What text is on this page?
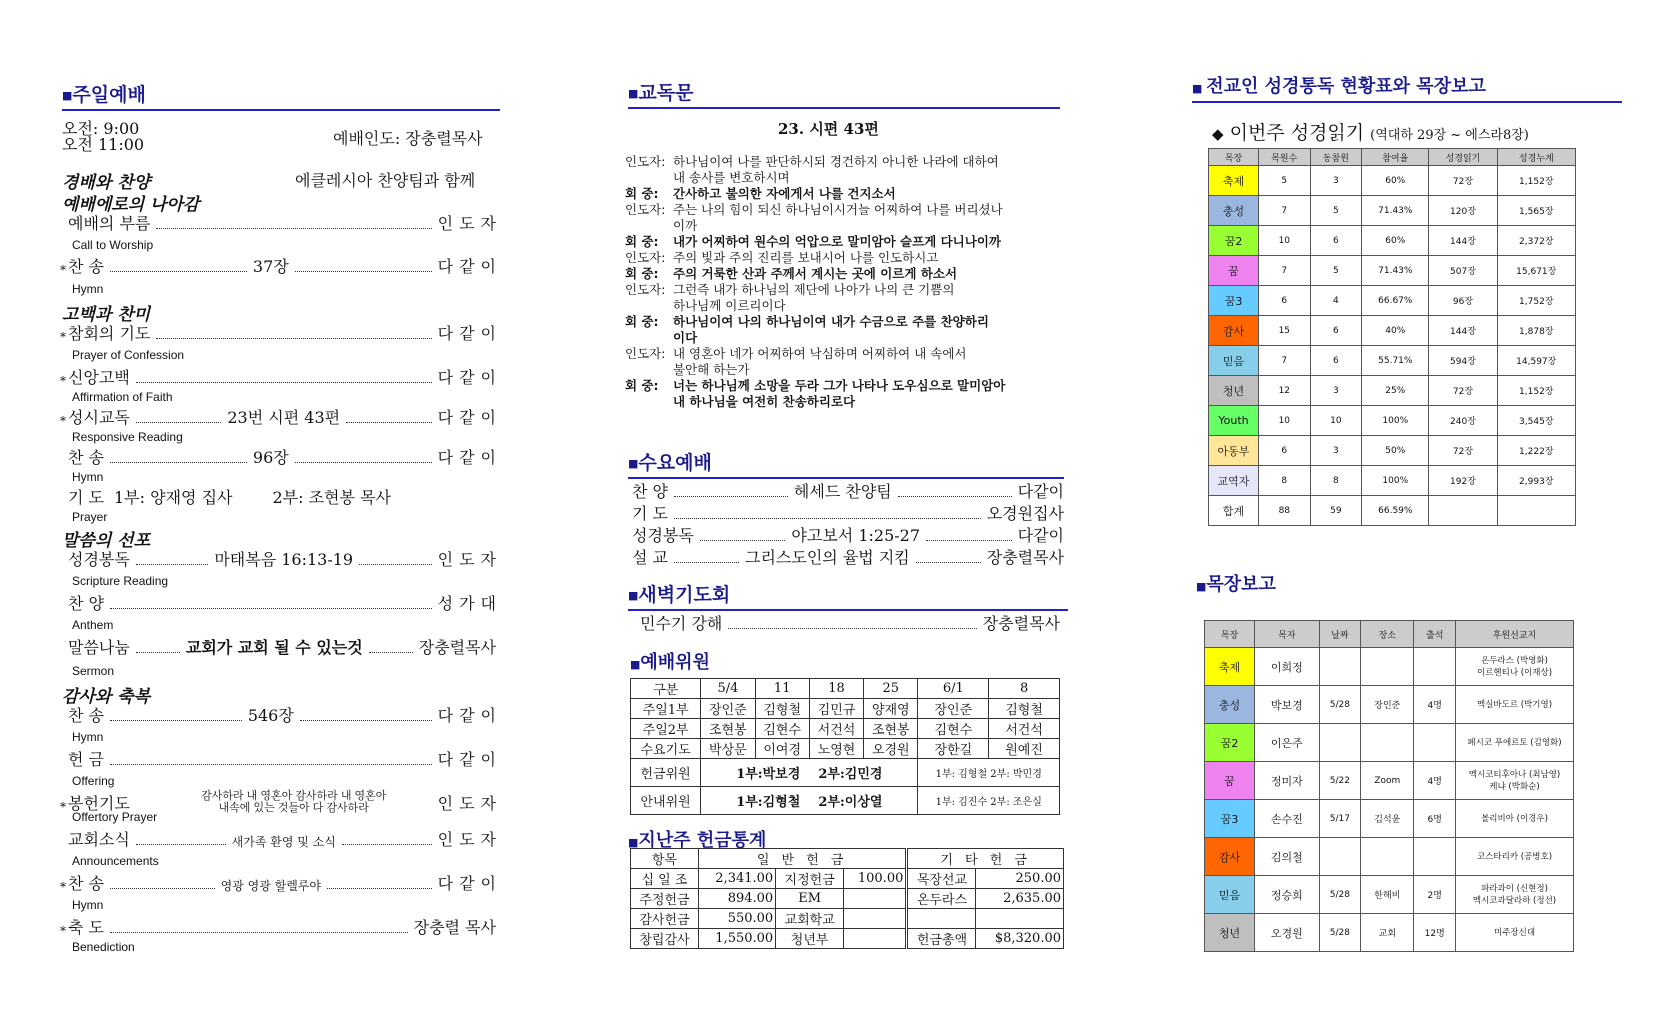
■주일예배
오전: 9:00
오전 11:00	예배인도: 장충렬목사
경배와 찬양	에클레시아 찬양팀과 함께
예배에로의 나아감
예배의 부름	인도자
Call to Worship
* 찬 송	37장	다같이
Hymn
고백과 찬미
* 참회의 기도	다같이
Prayer of Confession
* 신앙고백	다같이
Affirmation of Faith
* 성시교독	23번 시편 43편	다같이
Responsive Reading
찬 송	96장	다같이
Hymn
기 도 1부: 양재영 집사	2부: 조현봉 목사
Prayer
말씀의 선포
성경봉독	마태복음 16:13-19	인도자
Scripture Reading
찬 양	성가대
Anthem
말씀나눔	교회가 교회 될 수 있는것	장충렬목사
Sermon
감사와 축복
찬 송	546장	다같이
Hymn
헌 금	다같이
Offering
* 봉헌기도	감사하라 내 영혼아 감사하라 내 영혼아
내속에 있는 것들아 다 감사하라	인도자
Offertory Prayer
교회소식	새가족 환영 및 소식	인도자
Announcements
* 찬 송	영광 영광 할렐루야	다같이
Hymn
* 축 도	장충렬 목사
Benediction
■교독문
23. 시편 43편
인도자: 하나님이여 나를 판단하시되 경건하지 아니한 나라에 대하여
내 송사를 변호하시며
회 중: 간사하고 불의한 자에게서 나를 건지소서
인도자: 주는 나의 힘이 되신 하나님이시거늘 어찌하여 나를 버리셨나
이까
회 중: 내가 어찌하여 원수의 억압으로 말미암아 슬프게 다니나이까
인도자: 주의 빛과 주의 진리를 보내시어 나를 인도하시고
회 중: 주의 거룩한 산과 주께서 계시는 곳에 이르게 하소서
인도자: 그런즉 내가 하나님의 제단에 나아가 나의 큰 기쁨의
하나님께 이르리이다
회 중: 하나님이여 나의 하나님이여 내가 수금으로 주를 찬양하리
이다
인도자: 내 영혼아 네가 어찌하여 낙심하며 어찌하여 내 속에서
불안해 하는가
회 중: 너는 하나님께 소망을 두라 그가 나타나 도우심으로 말미암아
내 하나님을 여전히 찬송하리로다
■수요예배
찬 양	헤세드 찬양팀	다같이
기 도	오경원집사
성경봉독	야고보서 1:25-27	다같이
설 교	그리스도인의 율법 지킴	장충렬목사
■새벽기도회
민수기 강해	장충렬목사
■예배위원
구분	5/4	11	18	25	6/1	8
주일1부	장인준	김형철	김민규	양재영	장인준	김형철
주일2부	조현봉	김현수	서건석	조현봉	김현수	서건석
수요기도	박상문	이여경	노영현	오경원	장한길	원예진
헌금위원	1부:박보경 2부:김민경				1부: 김형철 2부: 박민경	
안내위원	1부:김형철 2부:이상열				1부: 김진수 2부: 조은실	
■지난주 헌금통계
항목	일 반 헌 금			기 타 헌 금	
십 일 조	2,341.00	지정헌금	100.00	목장선교	250.00
주정헌금	894.00	EM		온두라스	2,635.00
감사헌금	550.00	교회학교			
창립감사	1,550.00	청년부		헌금총액	$8,320.00
■ 전교인 성경통독 현황표와 목장보고
◆ 이번주 성경읽기 (역대하 29장 ~ 에스라8장)
목장	목원수	동참원	참여율	성경읽기	성경누계
축제	5	3	60%	72장	1,152장
충성	7	5	71.43%	120장	1,565장
꿈2	10	6	60%	144장	2,372장
꿈	7	5	71.43%	507장	15,671장
꿈3	6	4	66.67%	96장	1,752장
감사	15	6	40%	144장	1,878장
믿음	7	6	55.71%	594장	14,597장
청년	12	3	25%	72장	1,152장
Youth	10	10	100%	240장	3,545장
아동부	6	3	50%	72장	1,222장
교역자	8	8	100%	192장	2,993장
합계	88	59	66.59%		
■목장보고
목장	목자	날짜	장소	출석	후원선교지
축제	이희정				온두라스 (박영화)
이르헨티나 (이재상)

충성	박보경	5/28	장인준	4명	멕실바도르 (박기영)

꿈2	이은주				페시코 푸에르토 (김영화)

꿈	정미자	5/22	Zoom	4명	멕시코티후아나 (최남영)
케냐 (박화순)

꿈3	손수진	5/17	김석윤	6명	볼리비아 (이경우)

감사	김의철				코스타리카 (공병호)

믿음	정승희	5/28	한해비	2명	파라과이 (신현정)
멕시코과달라하 (정선)

청년	오경원	5/28	교회	12명	미주장신대
